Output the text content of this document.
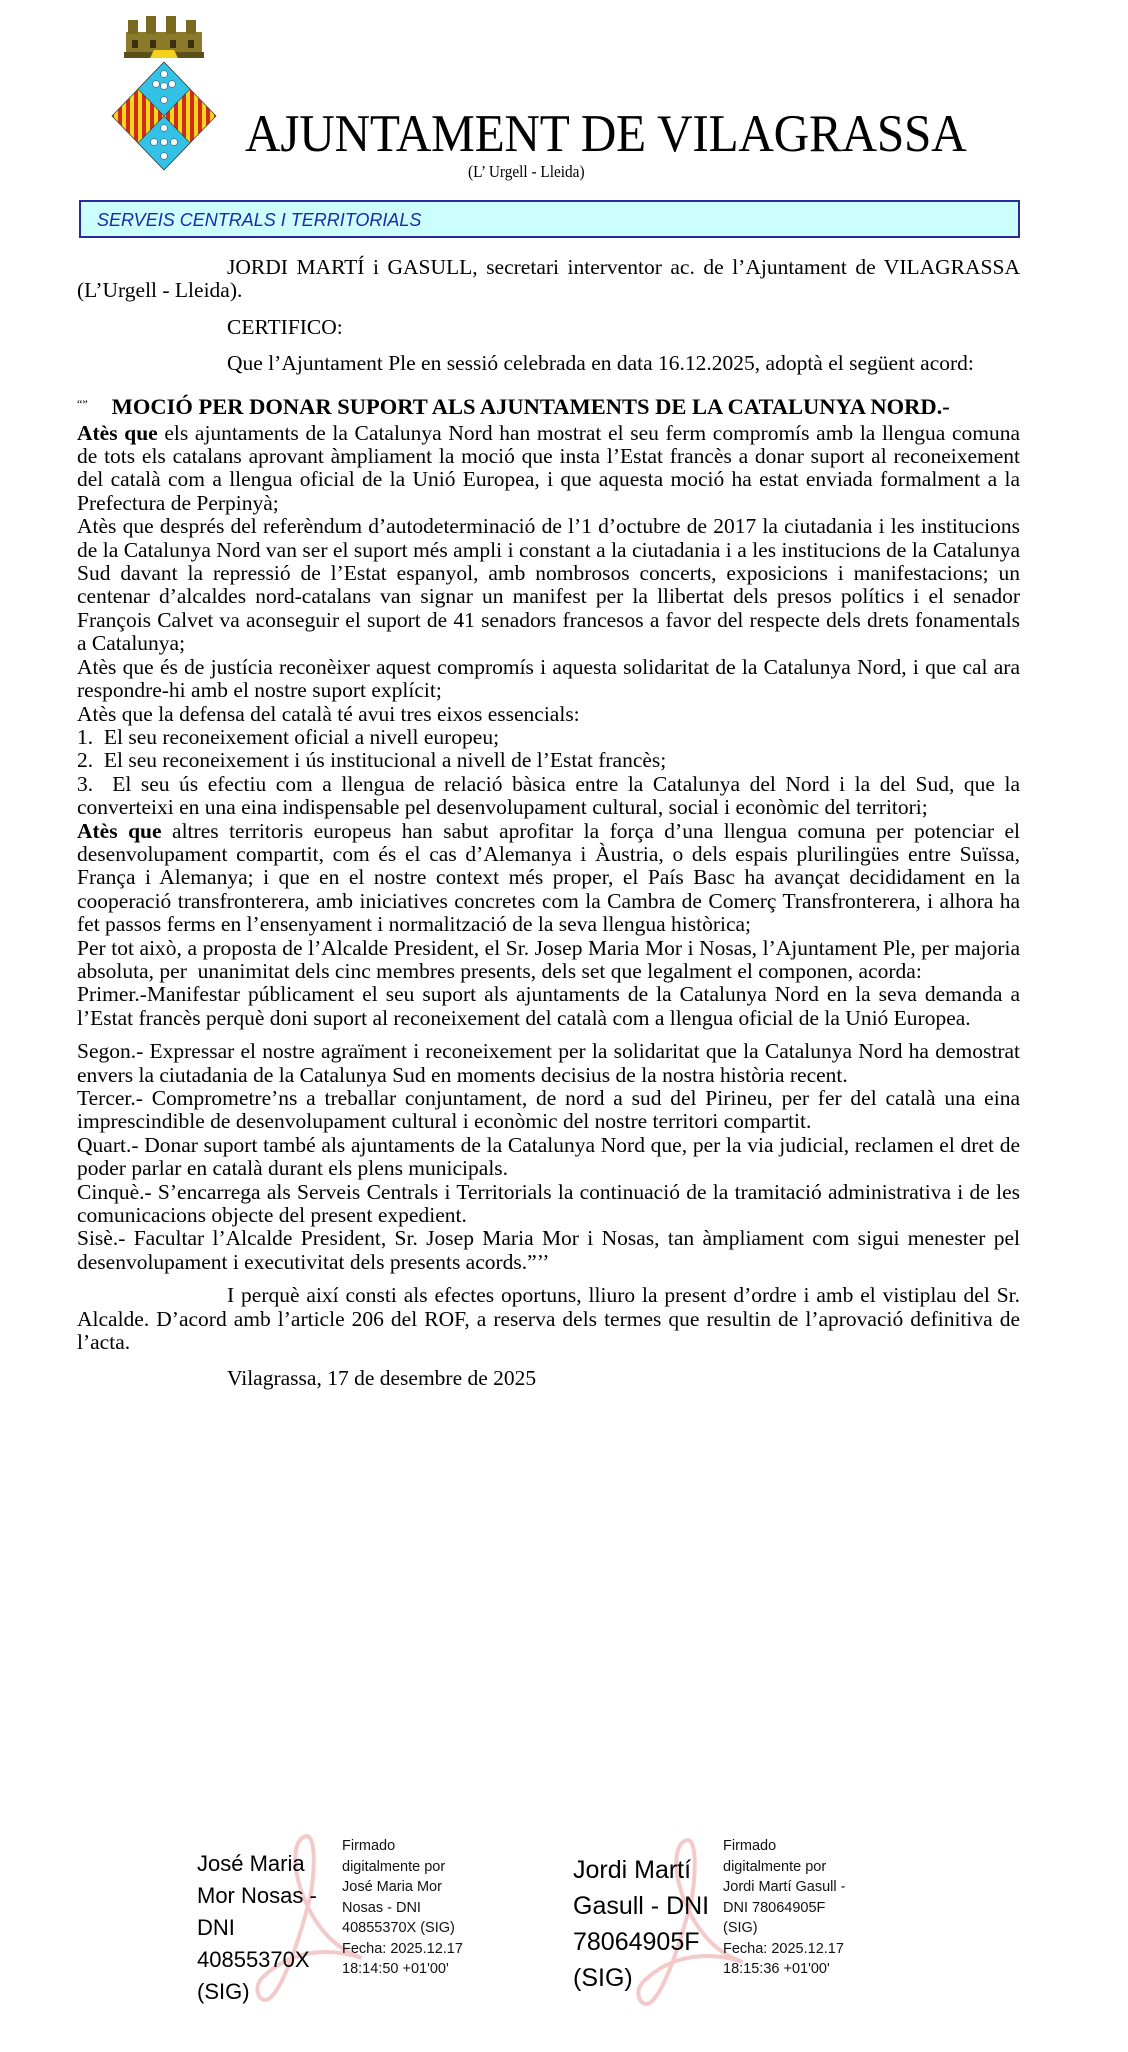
AJUNTAMENT DE VILAGRASSA
(L’ Urgell - Lleida)
SERVEIS CENTRALS I TERRITORIALS

JORDI MARTÍ i GASULL, secretari interventor ac. de l’Ajuntament de VILAGRASSA (L’Urgell - Lleida).

CERTIFICO:

Que l’Ajuntament Ple en sessió celebrada en data 16.12.2025, adoptà el següent acord:

“” MOCIÓ PER DONAR SUPORT ALS AJUNTAMENTS DE LA CATALUNYA NORD.-

Atès que els ajuntaments de la Catalunya Nord han mostrat el seu ferm compromís amb la llengua comuna de tots els catalans aprovant àmpliament la moció que insta l’Estat francès a donar suport al reconeixement del català com a llengua oficial de la Unió Europea, i que aquesta moció ha estat enviada formalment a la Prefectura de Perpinyà;

Atès que després del referèndum d’autodeterminació de l’1 d’octubre de 2017 la ciutadania i les institucions de la Catalunya Nord van ser el suport més ampli i constant a la ciutadania i a les institucions de la Catalunya Sud davant la repressió de l’Estat espanyol, amb nombrosos concerts, exposicions i manifestacions; un centenar d’alcaldes nord-catalans van signar un manifest per la llibertat dels presos polítics i el senador François Calvet va aconseguir el suport de 41 senadors francesos a favor del respecte dels drets fonamentals a Catalunya;

Atès que és de justícia reconèixer aquest compromís i aquesta solidaritat de la Catalunya Nord, i que cal ara respondre-hi amb el nostre suport explícit;

Atès que la defensa del català té avui tres eixos essencials:

1.  El seu reconeixement oficial a nivell europeu;

2.  El seu reconeixement i ús institucional a nivell de l’Estat francès;

3.  El seu ús efectiu com a llengua de relació bàsica entre la Catalunya del Nord i la del Sud, que la converteixi en una eina indispensable pel desenvolupament cultural, social i econòmic del territori;

Atès que altres territoris europeus han sabut aprofitar la força d’una llengua comuna per potenciar el desenvolupament compartit, com és el cas d’Alemanya i Àustria, o dels espais plurilingües entre Suïssa, França i Alemanya; i que en el nostre context més proper, el País Basc ha avançat decididament en la cooperació transfronterera, amb iniciatives concretes com la Cambra de Comerç Transfronterera, i alhora ha fet passos ferms en l’ensenyament i normalització de la seva llengua històrica;

Per tot això, a proposta de l’Alcalde President, el Sr. Josep Maria Mor i Nosas, l’Ajuntament Ple, per majoria absoluta, per  unanimitat dels cinc membres presents, dels set que legalment el componen, acorda:

Primer.-Manifestar públicament el seu suport als ajuntaments de la Catalunya Nord en la seva demanda a l’Estat francès perquè doni suport al reconeixement del català com a llengua oficial de la Unió Europea.

Segon.- Expressar el nostre agraïment i reconeixement per la solidaritat que la Catalunya Nord ha demostrat envers la ciutadania de la Catalunya Sud en moments decisius de la nostra història recent.

Tercer.- Comprometre’ns a treballar conjuntament, de nord a sud del Pirineu, per fer del català una eina imprescindible de desenvolupament cultural i econòmic del nostre territori compartit.

Quart.- Donar suport també als ajuntaments de la Catalunya Nord que, per la via judicial, reclamen el dret de poder parlar en català durant els plens municipals.

Cinquè.- S’encarrega als Serveis Centrals i Territorials la continuació de la tramitació administrativa i de les comunicacions objecte del present expedient.

Sisè.- Facultar l’Alcalde President, Sr. Josep Maria Mor i Nosas, tan àmpliament com sigui menester pel desenvolupament i executivitat dels presents acords.”’’

I perquè així consti als efectes oportuns, lliuro la present d’ordre i amb el vistiplau del Sr. Alcalde. D’acord amb l’article 206 del ROF, a reserva dels termes que resultin de l’aprovació definitiva de l’acta.

Vilagrassa, 17 de desembre de 2025

José Maria
Mor Nosas -
DNI
40855370X
(SIG)
Firmado
digitalmente por
José Maria Mor
Nosas - DNI
40855370X (SIG)
Fecha: 2025.12.17
18:14:50 +01'00'
Jordi Martí
Gasull - DNI
78064905F
(SIG)
Firmado
digitalmente por
Jordi Martí Gasull -
DNI 78064905F
(SIG)
Fecha: 2025.12.17
18:15:36 +01'00'
